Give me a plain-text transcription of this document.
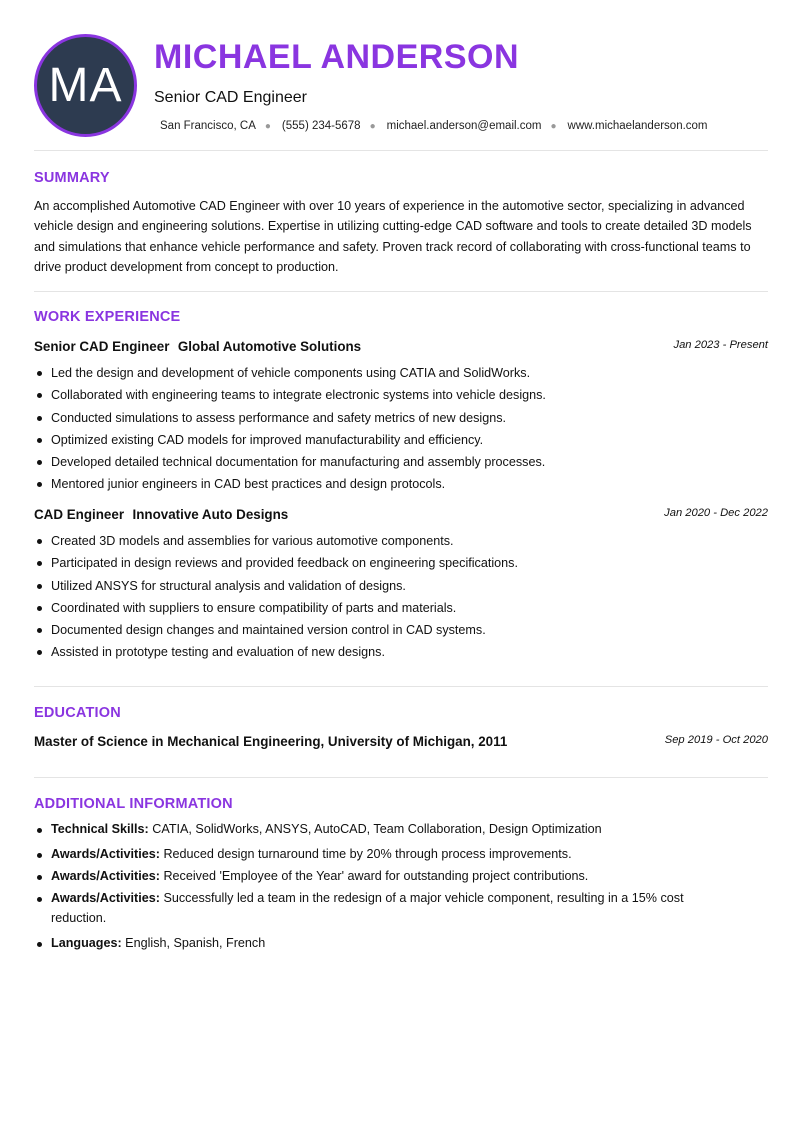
MA
MICHAEL ANDERSON
Senior CAD Engineer
San Francisco, CA ● (555) 234-5678 ● michael.anderson@email.com ● www.michaelanderson.com
SUMMARY

An accomplished Automotive CAD Engineer with over 10 years of experience in the automotive sector, specializing in advanced vehicle design and engineering solutions. Expertise in utilizing cutting-edge CAD software and tools to create detailed 3D models and simulations that enhance vehicle performance and safety. Proven track record of collaborating with cross-functional teams to drive product development from concept to production.

WORK EXPERIENCE
Senior CAD Engineer Global Automotive Solutions	Jan 2023 - Present
Led the design and development of vehicle components using CATIA and SolidWorks.
Collaborated with engineering teams to integrate electronic systems into vehicle designs.
Conducted simulations to assess performance and safety metrics of new designs.
Optimized existing CAD models for improved manufacturability and efficiency.
Developed detailed technical documentation for manufacturing and assembly processes.
Mentored junior engineers in CAD best practices and design protocols.
CAD Engineer Innovative Auto Designs	Jan 2020 - Dec 2022
Created 3D models and assemblies for various automotive components.
Participated in design reviews and provided feedback on engineering specifications.
Utilized ANSYS for structural analysis and validation of designs.
Coordinated with suppliers to ensure compatibility of parts and materials.
Documented design changes and maintained version control in CAD systems.
Assisted in prototype testing and evaluation of new designs.
EDUCATION
Master of Science in Mechanical Engineering, University of Michigan, 2011	Sep 2019 - Oct 2020
ADDITIONAL INFORMATION
Technical Skills: CATIA, SolidWorks, ANSYS, AutoCAD, Team Collaboration, Design Optimization
Awards/Activities: Reduced design turnaround time by 20% through process improvements.
Awards/Activities: Received 'Employee of the Year' award for outstanding project contributions.
Awards/Activities: Successfully led a team in the redesign of a major vehicle component, resulting in a 15% cost reduction.
Languages: English, Spanish, French
